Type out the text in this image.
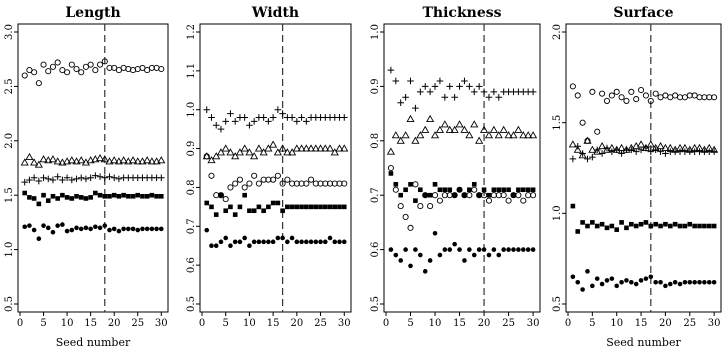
Length
0 5 10 15 20 25 30
0.5
1.0
1.5
2.0
2.5
3.0
Seed number
Width
0 5 10 15 20 25 30
0.5
0.6
0.7
0.8
0.9
1.0
1.1
1.2
Thickness
0 5 10 15 20 25 30
0.5
0.6
0.7
0.8
0.9
1.0
Surface
0 5 10 15 20 25 30
0.5
1.0
1.5
2.0
Seed number
